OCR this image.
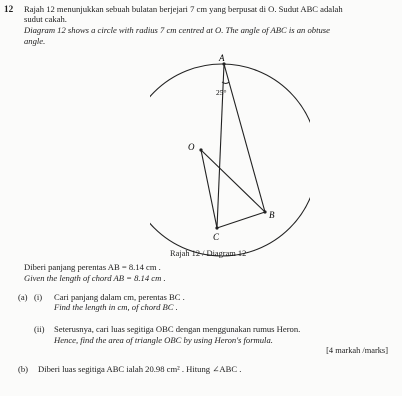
12 Rajah 12 menunjukkan sebuah bulatan berjejari 7 cm yang berpusat di O. Sudut ABC adalah
sudut cakah.
Diagram 12 shows a circle with radius 7 cm centred at O. The angle of ABC is an obtuse
angle.
A
25°
O
B
C
Rajah 12 / Diagram 12
Diberi panjang perentas AB = 8.14 cm .
Given the length of chord AB = 8.14 cm .
(a) (i) Cari panjang dalam cm, perentas BC .
Find the length in cm, of chord BC .
(ii) Seterusnya, cari luas segitiga OBC dengan menggunakan rumus Heron.
Hence, find the area of triangle OBC by using Heron's formula.
[4 markah /marks]
(b) Diberi luas segitiga ABC ialah 20.98 cm² . Hitung ∠ABC .
